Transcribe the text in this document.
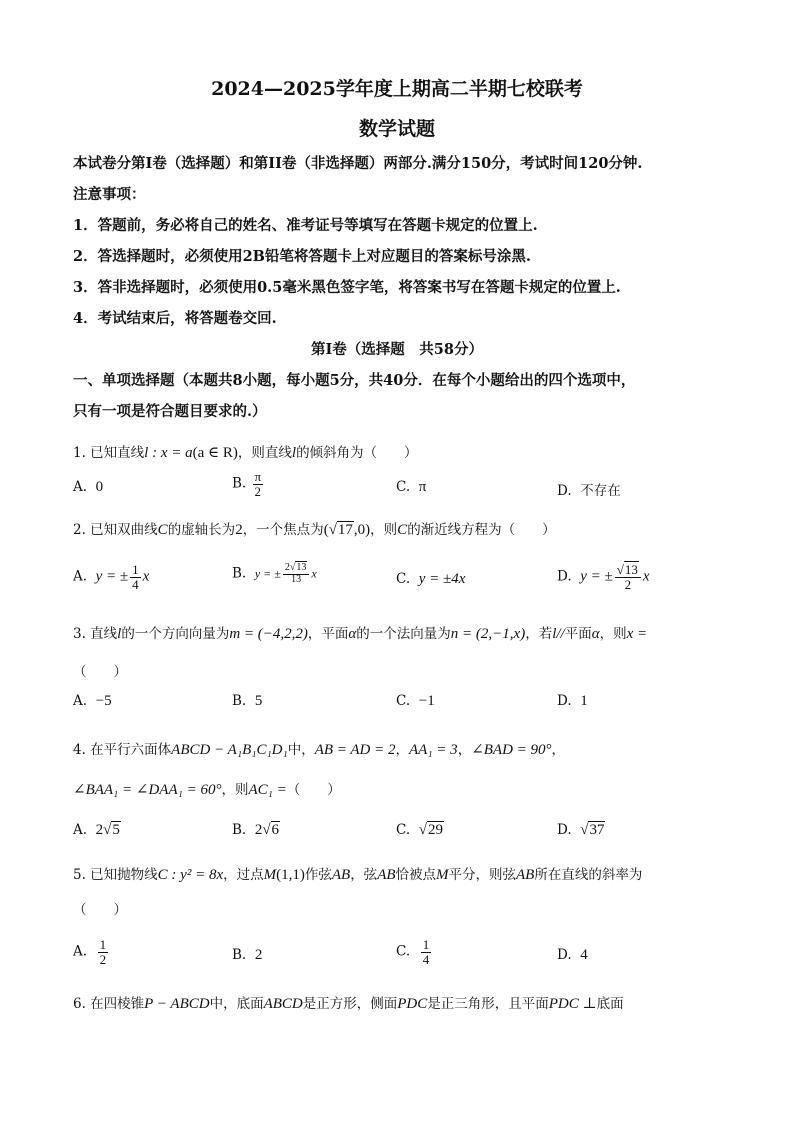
2024—2025学年度上期高二半期七校联考
数学试题
本试卷分第I卷（选择题）和第II卷（非选择题）两部分.满分150分，考试时间120分钟.
注意事项：
1．答题前，务必将自己的姓名、准考证号等填写在答题卡规定的位置上.
2．答选择题时，必须使用2B铅笔将答题卡上对应题目的答案标号涂黑.
3．答非选择题时，必须使用0.5毫米黑色签字笔，将答案书写在答题卡规定的位置上.
4．考试结束后，将答题卷交回.
第I卷（选择题　共58分）
一、单项选择题（本题共8小题，每小题5分，共40分．在每个小题给出的四个选项中，
只有一项是符合题目要求的.）
1. 已知直线l : x = a(a ∈ R)，则直线l的倾斜角为（　　）
A. 0	B. $\frac{\pi}{2}$	C. π	D. 不存在
2. 已知双曲线C的虚轴长为2，一个焦点为(√17,0)，则C的渐近线方程为（　　）
A. y = ± $\frac{1}{4}$ x	B. y = ± $\frac{2√13}{13}$ x	C. y = ±4x	D. y = ± $\frac{√13}{2}$ x
3. 直线l的一个方向向量为m = (−4,2,2)，平面α的一个法向量为n = (2,−1,x)，若l//平面α，则x =
（　　）
A. −5	B. 5	C. −1	D. 1
4. 在平行六面体ABCD − A₁B₁C₁D₁中，AB = AD = 2，AA₁ = 3，∠BAD = 90°，
∠BAA₁ = ∠DAA₁ = 60°，则AC₁ =（　　）
A. 2√5	B. 2√6	C. √29	D. √37
5. 已知抛物线C : y² = 8x，过点M(1,1)作弦AB，弦AB恰被点M平分，则弦AB所在直线的斜率为
（　　）
A. $\frac{1}{2}$	B. 2	C. $\frac{1}{4}$	D. 4
6. 在四棱锥P − ABCD中，底面ABCD是正方形，侧面PDC是正三角形，且平面PDC ⊥底面
